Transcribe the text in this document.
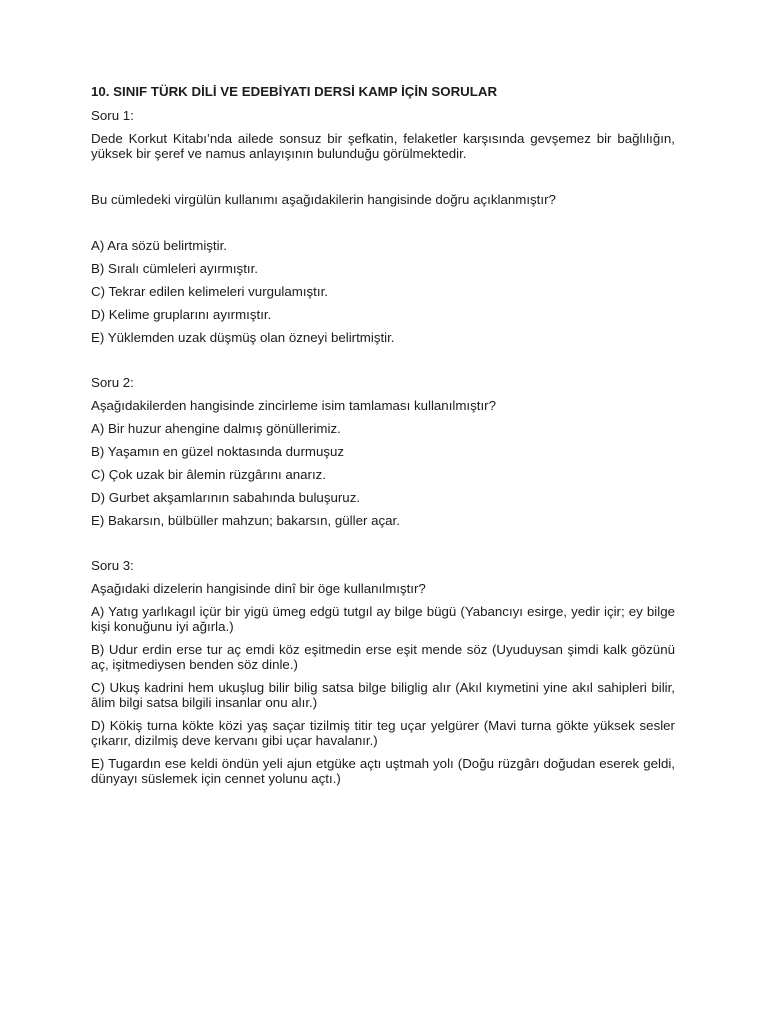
10. SINIF TÜRK DİLİ VE EDEBİYATI DERSİ KAMP İÇİN SORULAR
Soru 1:
Dede Korkut Kitabı’nda ailede sonsuz bir şefkatin, felaketler karşısında gevşemez bir bağlılığın, yüksek bir şeref ve namus anlayışının bulunduğu görülmektedir.
Bu cümledeki virgülün kullanımı aşağıdakilerin hangisinde doğru açıklanmıştır?
A) Ara sözü belirtmiştir.
B) Sıralı cümleleri ayırmıştır.
C) Tekrar edilen kelimeleri vurgulamıştır.
D) Kelime gruplarını ayırmıştır.
E) Yüklemden uzak düşmüş olan özneyi belirtmiştir.
Soru 2:
Aşağıdakilerden hangisinde zincirleme isim tamlaması kullanılmıştır?
A) Bir huzur ahengine dalmış gönüllerimiz.
B) Yaşamın en güzel noktasında durmuşuz
C) Çok uzak bir âlemin rüzgârını anarız.
D) Gurbet akşamlarının sabahında buluşuruz.
E) Bakarsın, bülbüller mahzun; bakarsın, güller açar.
Soru 3:
Aşağıdaki dizelerin hangisinde dinî bir öge kullanılmıştır?
A) Yatıg yarlıkagıl içür bir yigü ümeg edgü tutgıl ay bilge bügü (Yabancıyı esirge, yedir içir; ey bilge kişi konuğunu iyi ağırla.)
B) Udur erdin erse tur aç emdi köz eşitmedin erse eşit mende söz (Uyuduysan şimdi kalk gözünü aç, işitmediysen benden söz dinle.)
C) Ukuş kadrini hem ukuşlug bilir bilig satsa bilge biliglig alır (Akıl kıymetini yine akıl sahipleri bilir, âlim bilgi satsa bilgili insanlar onu alır.)
D) Kökiş turna kökte közi yaş saçar tizilmiş titir teg uçar yelgürer (Mavi turna gökte yüksek sesler çıkarır, dizilmiş deve kervanı gibi uçar havalanır.)
E) Tugardın ese keldi öndün yeli ajun etgüke açtı uştmah yolı (Doğu rüzgârı doğudan eserek geldi, dünyayı süslemek için cennet yolunu açtı.)
